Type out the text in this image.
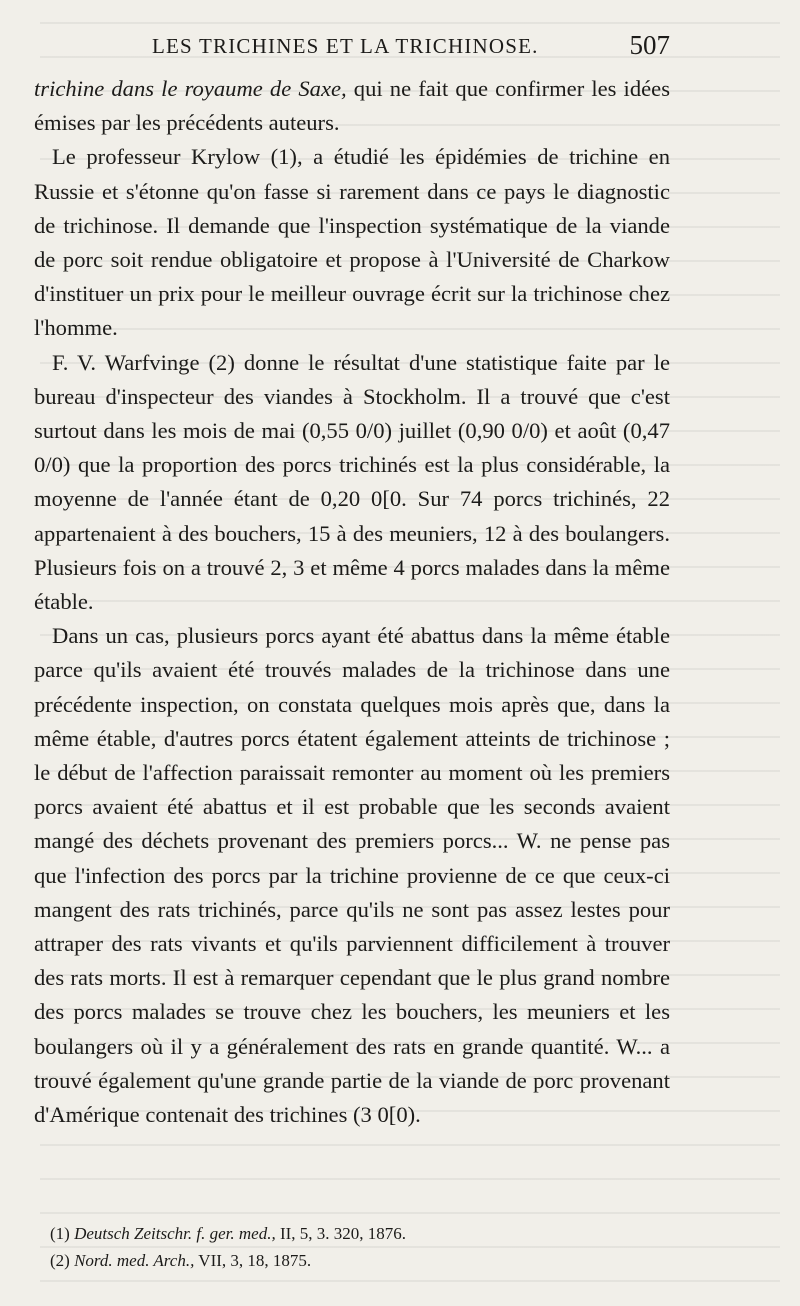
LES TRICHINES ET LA TRICHINOSE.	507

trichine dans le royaume de Saxe, qui ne fait que confirmer les idées émises par les précédents auteurs.

Le professeur Krylow (1), a étudié les épidémies de trichine en Russie et s'étonne qu'on fasse si rarement dans ce pays le diagnostic de trichinose. Il demande que l'inspection systématique de la viande de porc soit rendue obligatoire et propose à l'Université de Charkow d'instituer un prix pour le meilleur ouvrage écrit sur la trichinose chez l'homme.

F. V. Warfvinge (2) donne le résultat d'une statistique faite par le bureau d'inspecteur des viandes à Stockholm. Il a trouvé que c'est surtout dans les mois de mai (0,55 0/0) juillet (0,90 0/0) et août (0,47 0/0) que la proportion des porcs trichinés est la plus considérable, la moyenne de l'année étant de 0,20 0[0. Sur 74 porcs trichinés, 22 appartenaient à des bouchers, 15 à des meuniers, 12 à des boulangers. Plusieurs fois on a trouvé 2, 3 et même 4 porcs malades dans la même étable.

Dans un cas, plusieurs porcs ayant été abattus dans la même étable parce qu'ils avaient été trouvés malades de la trichinose dans une précédente inspection, on constata quelques mois après que, dans la même étable, d'autres porcs étatent également atteints de trichinose ; le début de l'affection paraissait remonter au moment où les premiers porcs avaient été abattus et il est probable que les seconds avaient mangé des déchets provenant des premiers porcs... W. ne pense pas que l'infection des porcs par la trichine provienne de ce que ceux-ci mangent des rats trichinés, parce qu'ils ne sont pas assez lestes pour attraper des rats vivants et qu'ils parviennent difficilement à trouver des rats morts. Il est à remarquer cependant que le plus grand nombre des porcs malades se trouve chez les bouchers, les meuniers et les boulangers où il y a généralement des rats en grande quantité. W... a trouvé également qu'une grande partie de la viande de porc provenant d'Amérique contenait des trichines (3 0[0).

(1) Deutsch Zeitschr. f. ger. med., II, 5, 3. 320, 1876.
(2) Nord. med. Arch., VII, 3, 18, 1875.
